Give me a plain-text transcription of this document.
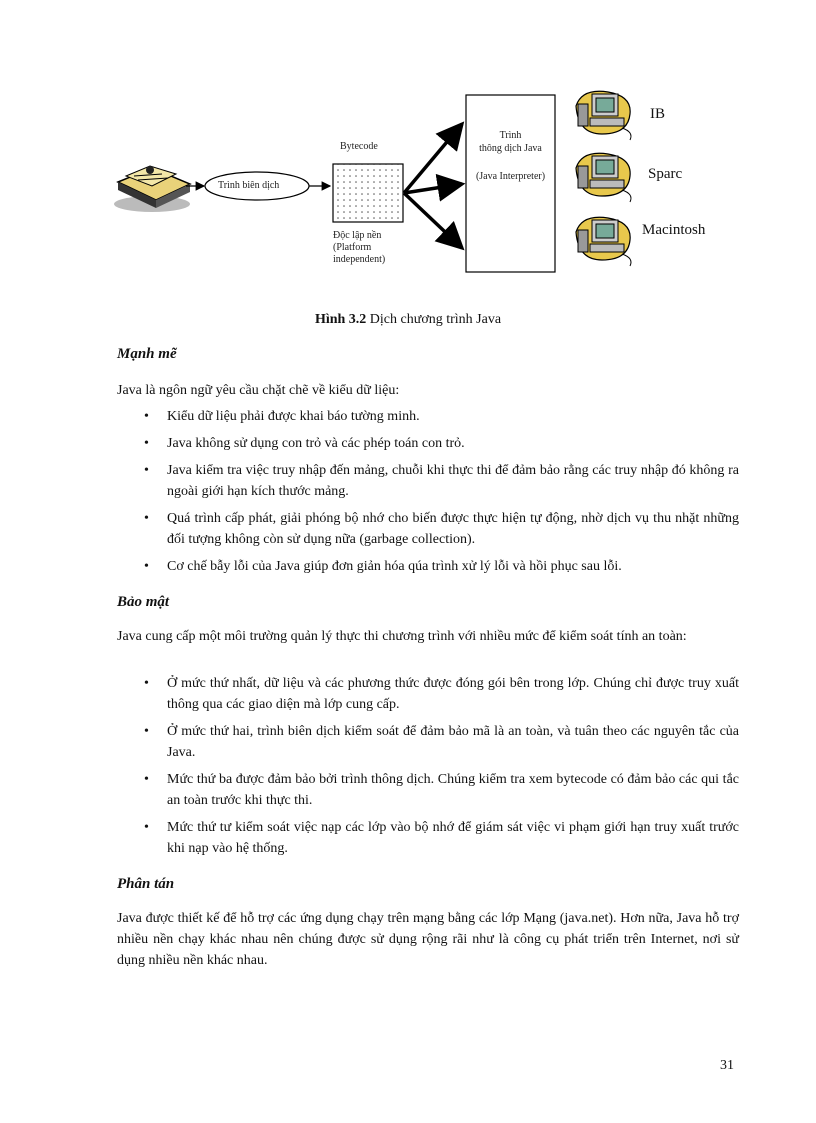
Trình biên dịch
Bytecode
Độc lập nền
(Platform
independent)
Trình
thông dịch Java
(Java Interpreter)
IB
Sparc
Macintosh
Hình 3.2 Dịch chương trình Java
Mạnh mẽ
Java là ngôn ngữ yêu cầu chặt chẽ về kiểu dữ liệu:
• Kiểu dữ liệu phải được khai báo tường minh.
• Java không sử dụng con trỏ và các phép toán con trỏ.
• Java kiểm tra việc truy nhập đến mảng, chuỗi khi thực thi để đảm bảo rằng các truy nhập đó không ra ngoài giới hạn kích thước mảng.
• Quá trình cấp phát, giải phóng bộ nhớ cho biến được thực hiện tự động, nhờ dịch vụ thu nhặt những đối tượng không còn sử dụng nữa (garbage collection).
• Cơ chế bẫy lỗi của Java giúp đơn giản hóa qúa trình xử lý lỗi và hồi phục sau lỗi.
Bảo mật
Java cung cấp một môi trường quản lý thực thi chương trình với nhiều mức để kiểm soát tính an toàn:
• Ở mức thứ nhất, dữ liệu và các phương thức được đóng gói bên trong lớp. Chúng chỉ được truy xuất thông qua các giao diện mà lớp cung cấp.
• Ở mức thứ hai, trình biên dịch kiểm soát để đảm bảo mã là an toàn, và tuân theo các nguyên tắc của Java.
• Mức thứ ba được đảm bảo bởi trình thông dịch. Chúng kiểm tra xem bytecode có đảm bảo các qui tắc an toàn trước khi thực thi.
• Mức thứ tư kiểm soát việc nạp các lớp vào bộ nhớ để giám sát việc vi phạm giới hạn truy xuất trước khi nạp vào hệ thống.
Phân tán
Java được thiết kế để hỗ trợ các ứng dụng chạy trên mạng bằng các lớp Mạng (java.net). Hơn nữa, Java hỗ trợ nhiều nền chạy khác nhau nên chúng được sử dụng rộng rãi như là công cụ phát triển trên Internet, nơi sử dụng nhiều nền khác nhau.
31
